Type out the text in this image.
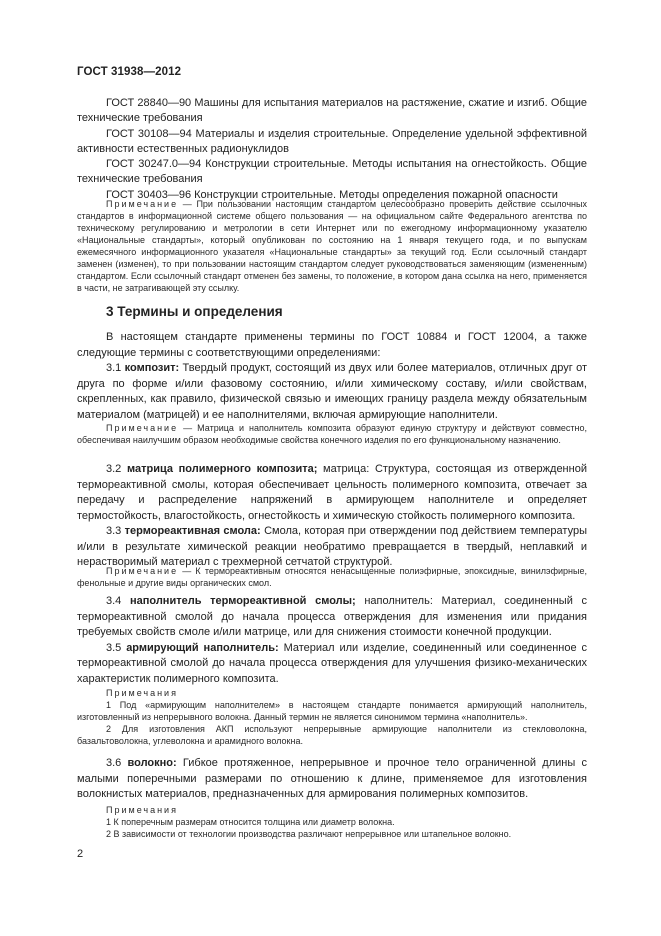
ГОСТ 31938—2012

ГОСТ 28840—90 Машины для испытания материалов на растяжение, сжатие и изгиб. Общие технические требования

ГОСТ 30108—94 Материалы и изделия строительные. Определение удельной эффективной активности естественных радионуклидов

ГОСТ 30247.0—94 Конструкции строительные. Методы испытания на огнестойкость. Общие технические требования

ГОСТ 30403—96 Конструкции строительные. Методы определения пожарной опасности

Примечание — При пользовании настоящим стандартом целесообразно проверить действие ссылочных стандартов в информационной системе общего пользования — на официальном сайте Федерального агентства по техническому регулированию и метрологии в сети Интернет или по ежегодному информационному указателю «Национальные стандарты», который опубликован по состоянию на 1 января текущего года, и по выпускам ежемесячного информационного указателя «Национальные стандарты» за текущий год. Если ссылочный стандарт заменен (изменен), то при пользовании настоящим стандартом следует руководствоваться заменяющим (измененным) стандартом. Если ссылочный стандарт отменен без замены, то положение, в котором дана ссылка на него, применяется в части, не затрагивающей эту ссылку.

3 Термины и определения

В настоящем стандарте применены термины по ГОСТ 10884 и ГОСТ 12004, а также следующие термины с соответствующими определениями:

3.1 композит: Твердый продукт, состоящий из двух или более материалов, отличных друг от друга по форме и/или фазовому состоянию, и/или химическому составу, и/или свойствам, скрепленных, как правило, физической связью и имеющих границу раздела между обязательным материалом (матрицей) и ее наполнителями, включая армирующие наполнители.

Примечание — Матрица и наполнитель композита образуют единую структуру и действуют совместно, обеспечивая наилучшим образом необходимые свойства конечного изделия по его функциональному назначению.

3.2 матрица полимерного композита; матрица: Структура, состоящая из отвержденной термореактивной смолы, которая обеспечивает цельность полимерного композита, отвечает за передачу и распределение напряжений в армирующем наполнителе и определяет термостойкость, влагостойкость, огнестойкость и химическую стойкость полимерного композита.

3.3 термореактивная смола: Смола, которая при отверждении под действием температуры и/или в результате химической реакции необратимо превращается в твердый, неплавкий и нерастворимый материал с трехмерной сетчатой структурой.

Примечание — К термореактивным относятся ненасыщенные полиэфирные, эпоксидные, винилэфирные, фенольные и другие виды органических смол.

3.4 наполнитель термореактивной смолы; наполнитель: Материал, соединенный с термореактивной смолой до начала процесса отверждения для изменения или придания требуемых свойств смоле и/или матрице, или для снижения стоимости конечной продукции.

3.5 армирующий наполнитель: Материал или изделие, соединенный или соединенное с термореактивной смолой до начала процесса отверждения для улучшения физико-механических характеристик полимерного композита.

Примечания

1 Под «армирующим наполнителем» в настоящем стандарте понимается армирующий наполнитель, изготовленный из непрерывного волокна. Данный термин не является синонимом термина «наполнитель».

2 Для изготовления АКП используют непрерывные армирующие наполнители из стекловолокна, базальтоволокна, углеволокна и арамидного волокна.

3.6 волокно: Гибкое протяженное, непрерывное и прочное тело ограниченной длины с малыми поперечными размерами по отношению к длине, применяемое для изготовления волокнистых материалов, предназначенных для армирования полимерных композитов.

Примечания

1 К поперечным размерам относится толщина или диаметр волокна.

2 В зависимости от технологии производства различают непрерывное или штапельное волокно.

2
